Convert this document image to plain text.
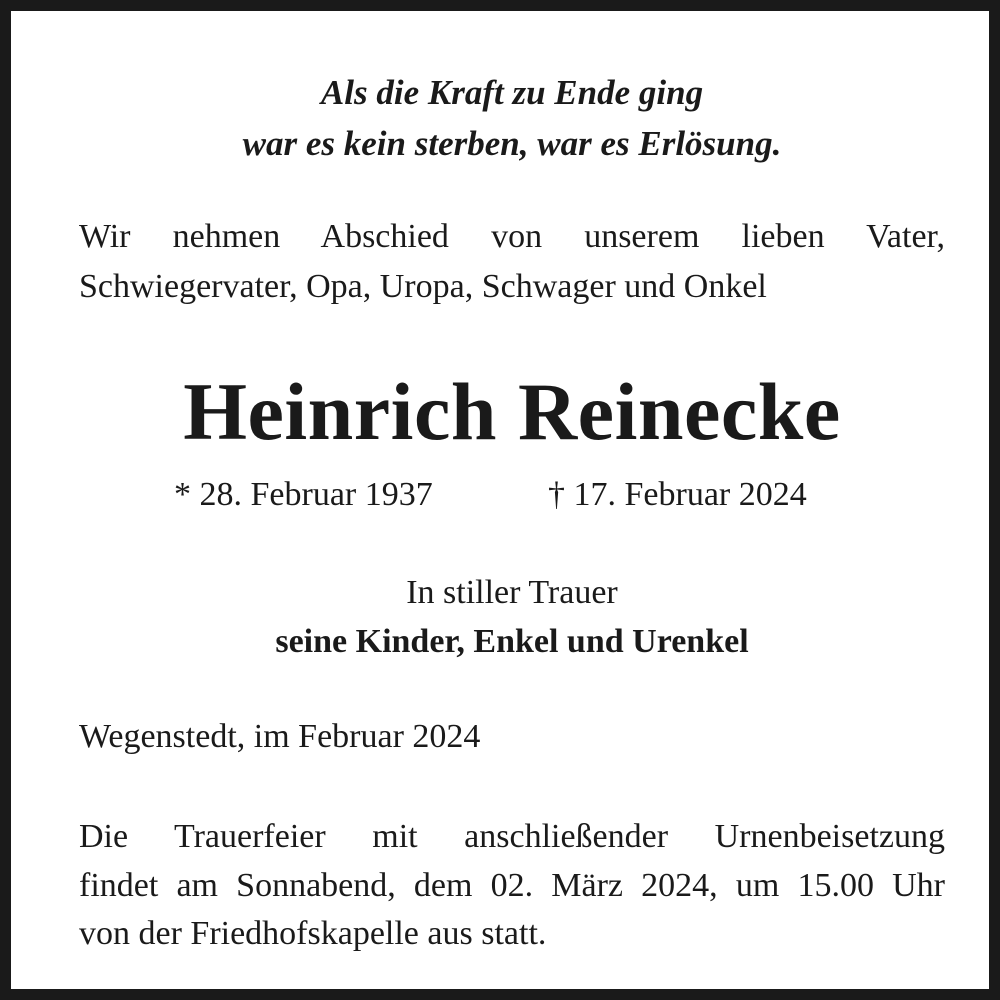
Als die Kraft zu Ende ging
war es kein sterben, war es Erlösung.
Wir nehmen Abschied von unserem lieben Vater,
Schwiegervater, Opa, Uropa, Schwager und Onkel
Heinrich Reinecke
* 28. Februar 1937	† 17. Februar 2024
In stiller Trauer
seine Kinder, Enkel und Urenkel
Wegenstedt, im Februar 2024
Die Trauerfeier mit anschließender Urnenbeisetzung
findet am Sonnabend, dem 02. März 2024, um 15.00 Uhr
von der Friedhofskapelle aus statt.
